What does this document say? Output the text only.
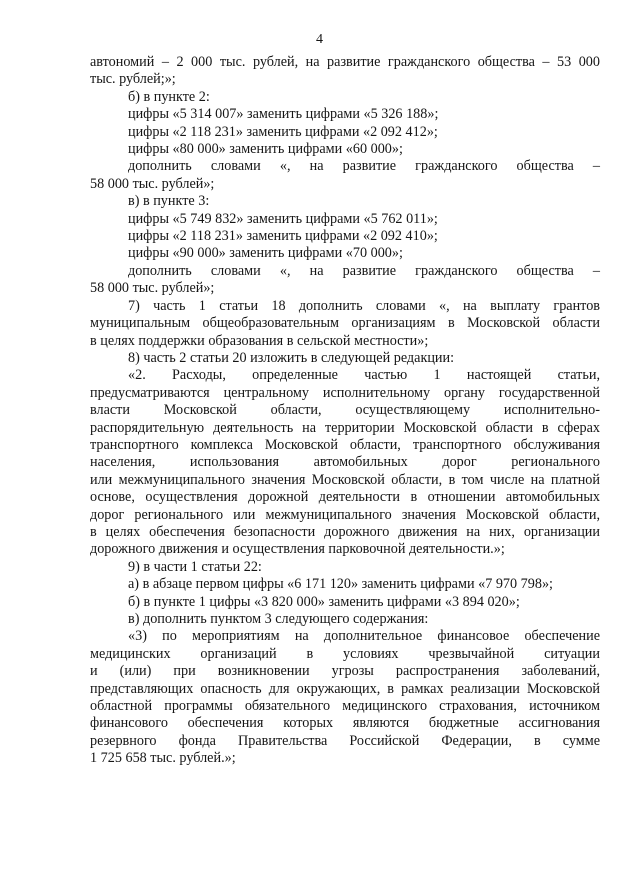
4
автономий – 2 000 тыс. рублей, на развитие гражданского общества – 53 000
тыс. рублей;»;
б) в пункте 2:
цифры «5 314 007» заменить цифрами «5 326 188»;
цифры «2 118 231» заменить цифрами «2 092 412»;
цифры «80 000» заменить цифрами «60 000»;
дополнить словами «, на развитие гражданского общества –
58 000 тыс. рублей»;
в) в пункте 3:
цифры «5 749 832» заменить цифрами «5 762 011»;
цифры «2 118 231» заменить цифрами «2 092 410»;
цифры «90 000» заменить цифрами «70 000»;
дополнить словами «, на развитие гражданского общества –
58 000 тыс. рублей»;
7) часть 1 статьи 18 дополнить словами «, на выплату грантов
муниципальным общеобразовательным организациям в Московской области
в целях поддержки образования в сельской местности»;
8) часть 2 статьи 20 изложить в следующей редакции:
«2. Расходы, определенные частью 1 настоящей статьи,
предусматриваются центральному исполнительному органу государственной
власти Московской области, осуществляющему исполнительно-
распорядительную деятельность на территории Московской области в сферах
транспортного комплекса Московской области, транспортного обслуживания
населения, использования автомобильных дорог регионального
или межмуниципального значения Московской области, в том числе на платной
основе, осуществления дорожной деятельности в отношении автомобильных
дорог регионального или межмуниципального значения Московской области,
в целях обеспечения безопасности дорожного движения на них, организации
дорожного движения и осуществления парковочной деятельности.»;
9) в части 1 статьи 22:
а) в абзаце первом цифры «6 171 120» заменить цифрами «7 970 798»;
б) в пункте 1 цифры «3 820 000» заменить цифрами «3 894 020»;
в) дополнить пунктом 3 следующего содержания:
«3) по мероприятиям на дополнительное финансовое обеспечение
медицинских организаций в условиях чрезвычайной ситуации
и (или) при возникновении угрозы распространения заболеваний,
представляющих опасность для окружающих, в рамках реализации Московской
областной программы обязательного медицинского страхования, источником
финансового обеспечения которых являются бюджетные ассигнования
резервного фонда Правительства Российской Федерации, в сумме
1 725 658 тыс. рублей.»;
